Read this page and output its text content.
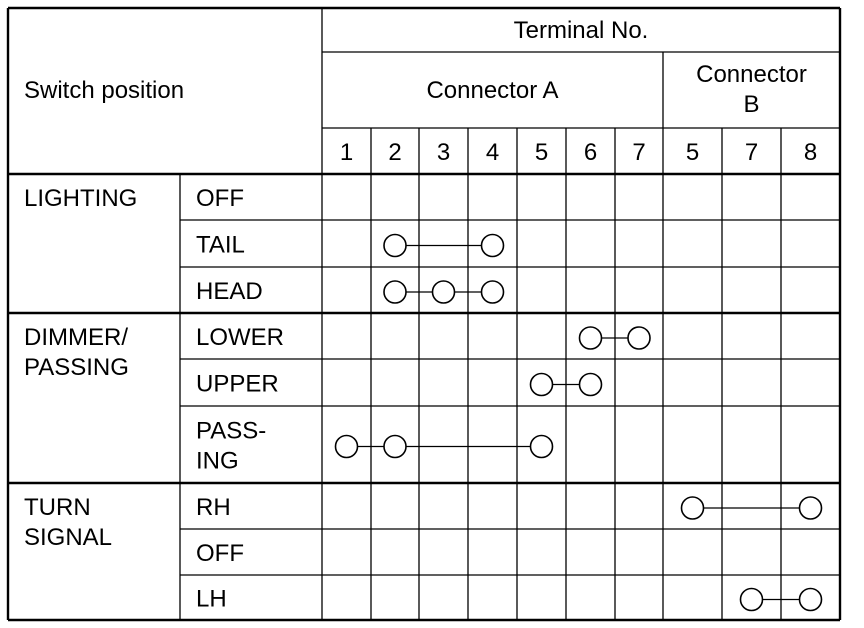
Switch position
Terminal No.
Connector A
Connector
B
1 2 3 4 5 6 7 5 7 8
LIGHTING
DIMMER/
PASSING
TURN
SIGNAL
OFF
TAIL
HEAD
LOWER
UPPER
PASS-
ING
RH
OFF
LH
